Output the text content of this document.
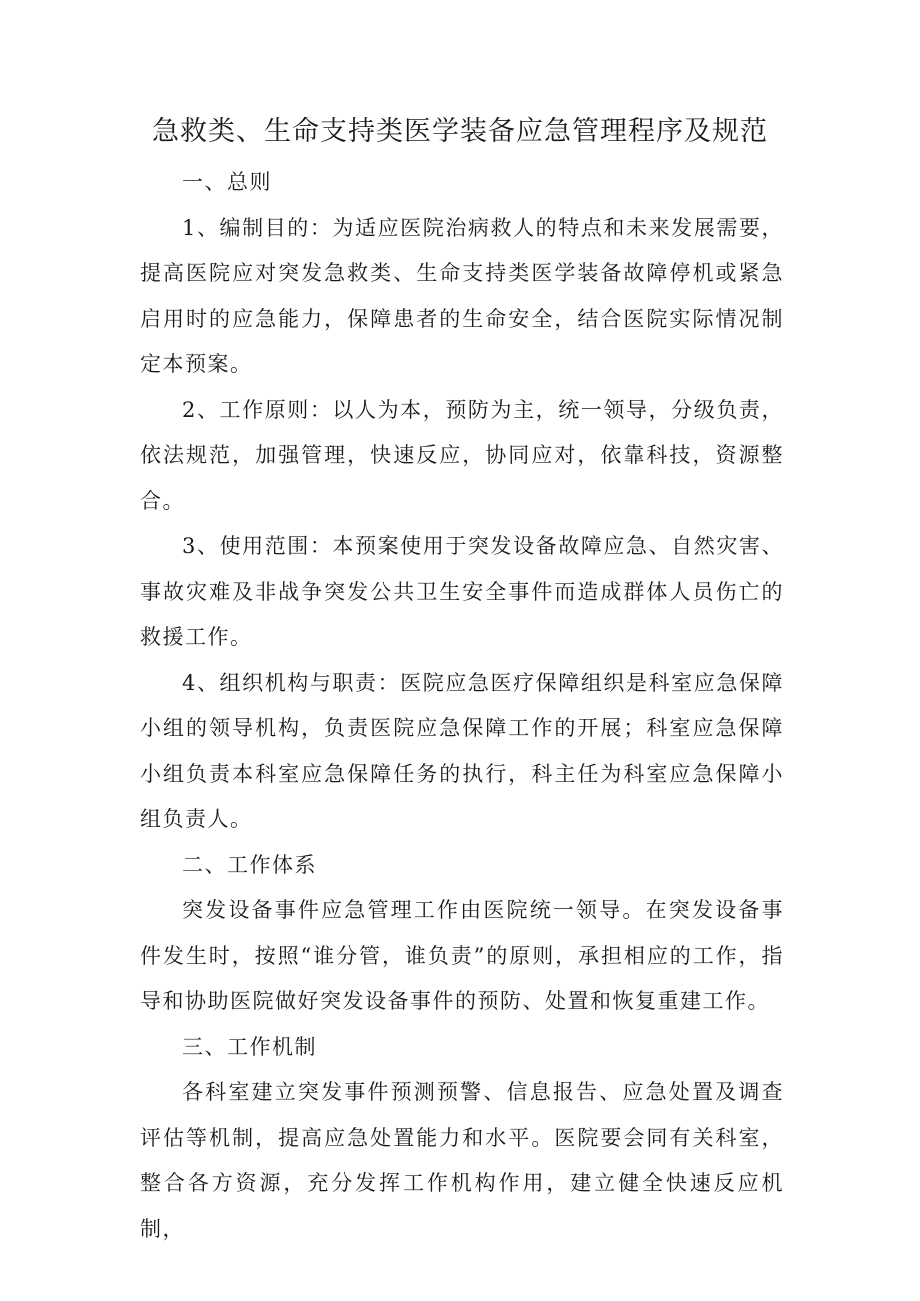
急救类、生命支持类医学装备应急管理程序及规范

一、总则

1、编制目的：为适应医院治病救人的特点和未来发展需要，提高医院应对突发急救类、生命支持类医学装备故障停机或紧急启用时的应急能力，保障患者的生命安全，结合医院实际情况制定本预案。

2、工作原则：以人为本，预防为主，统一领导，分级负责，依法规范，加强管理，快速反应，协同应对，依靠科技，资源整合。

3、使用范围：本预案使用于突发设备故障应急、自然灾害、事故灾难及非战争突发公共卫生安全事件而造成群体人员伤亡的救援工作。

4、组织机构与职责：医院应急医疗保障组织是科室应急保障小组的领导机构，负责医院应急保障工作的开展；科室应急保障小组负责本科室应急保障任务的执行，科主任为科室应急保障小组负责人。

二、工作体系

突发设备事件应急管理工作由医院统一领导。在突发设备事件发生时，按照“谁分管，谁负责”的原则，承担相应的工作，指导和协助医院做好突发设备事件的预防、处置和恢复重建工作。

三、工作机制

各科室建立突发事件预测预警、信息报告、应急处置及调查评估等机制，提高应急处置能力和水平。医院要会同有关科室，整合各方资源，充分发挥工作机构作用，建立健全快速反应机制，
